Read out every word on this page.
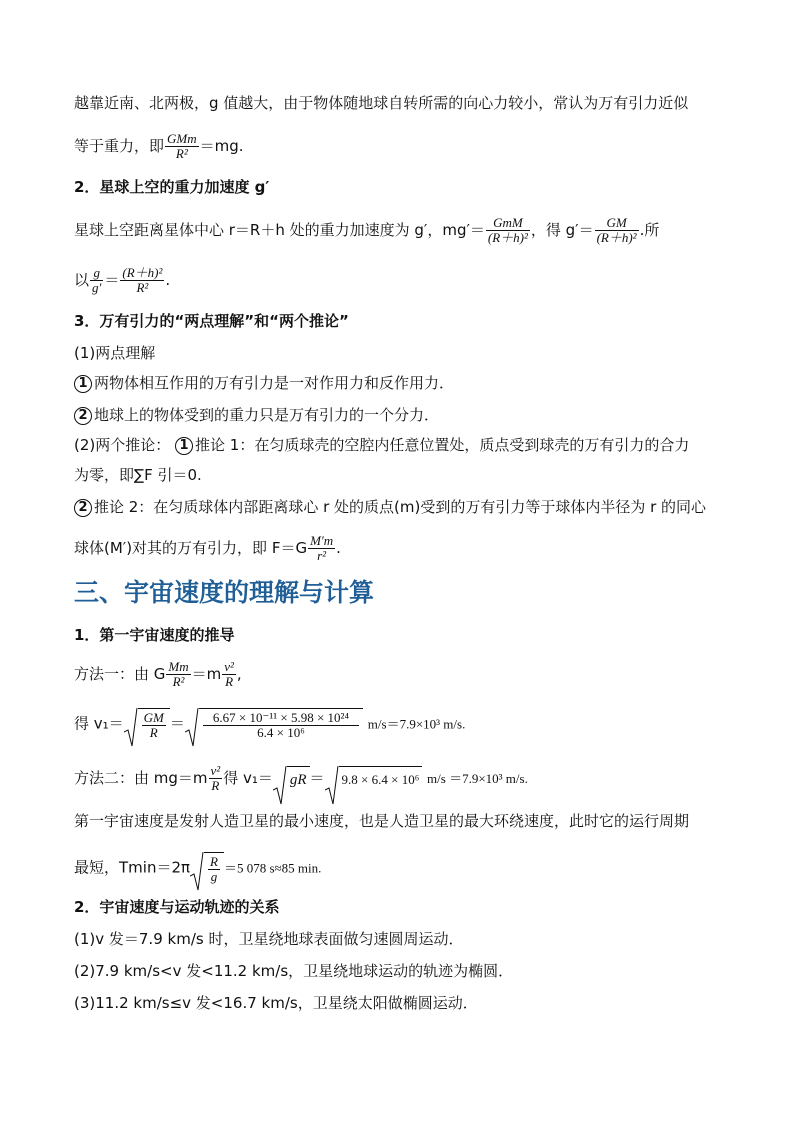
越靠近南、北两极，g 值越大，由于物体随地球自转所需的向心力较小，常认为万有引力近似
等于重力，即 $\frac{\text{GMm}}{\text{R²}} =mg$.
2．星球上空的重力加速度 g′
星球上空距离星体中心 r＝R＋h 处的重力加速度为 g′，$mg'= \frac{\text{GmM}}{\text{(R＋h)²}}$ ，得 $g'= \frac{GM}{\text{(R＋h)²}}$ .所
以 $\frac{g}{g'} = \frac{\text{(R＋h)²}}{\text{R²}}$ .
3．万有引力的“两点理解”和“两个推论”
(1)两点理解
1 两物体相互作用的万有引力是一对作用力和反作用力．
2 地球上的物体受到的重力只是万有引力的一个分力．
(2)两个推论： 1 推论 1：在匀质球壳的空腔内任意位置处，质点受到球壳的万有引力的合力
为零，即∑F 引＝0.
2 推论 2：在匀质球体内部距离球心 r 处的质点(m)受到的万有引力等于球体内半径为 r 的同心
球体(M′)对其的万有引力，即 $F=G \frac{M'm}{\text{r²}}$ .
三、宇宙速度的理解与计算
1．第一宇宙速度的推导
方法一：由 G $\frac{Mm}{\text{R²}} =m \frac{\text{v²}}{R}$ ,
得 $v_1= \frac{GM}{R} = \frac{\text{6.67 × 10⁻¹¹ × 5.98 × 10²⁴}}{\text{6.4 × 10⁶}} m/s=7.9\times 10^3$ m/s.
方法二：由 $mg=m \frac{\text{v²}}{R}$ 得 v₁＝ gR ＝ 9.8 × 6.4 × 10⁶ m/s ＝7.9×10³ m/s.
第一宇宙速度是发射人造卫星的最小速度，也是人造卫星的最大环绕速度，此时它的运行周期
最短，$Tmin=2\pi \frac{R}{g} =5$ 078 s≈85 min.
2．宇宙速度与运动轨迹的关系
(1)v 发＝7.9 km/s 时，卫星绕地球表面做匀速圆周运动．
(2)7.9 km/s<v 发<11.2 km/s，卫星绕地球运动的轨迹为椭圆．
(3)11.2 km/s≤v 发<16.7 km/s，卫星绕太阳做椭圆运动．
